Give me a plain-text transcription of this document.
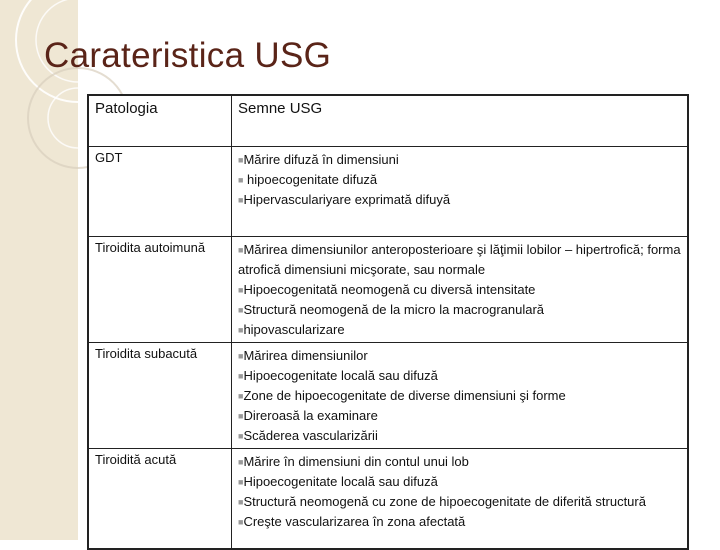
Carateristica USG
Patologia	Semne USG
GDT	■Mărire difuză în dimensiuni
■ hipoecogenitate difuză
■Hipervasculariyare exprimată difuyă

Tiroidita autoimună	■Mărirea dimensiunilor anteroposterioare şi lăţimii lobilor – hipertrofică; forma atrofică dimensiuni micşorate, sau normale
■Hipoecogenitată neomogenă cu diversă intensitate
■Structură neomogenă de la micro la macrogranulară
■hipovascularizare

Tiroidita subacută	■Mărirea dimensiunilor
■Hipoecogenitate locală sau difuză
■Zone de hipoecogenitate de diverse dimensiuni şi forme
■Direroasă la examinare
■Scăderea vascularizării

Tiroidită acută	■Mărire în dimensiuni din contul unui lob
■Hipoecogenitate locală sau difuză
■Structură neomogenă cu zone de hipoecogenitate de diferită structură
■Creşte vascularizarea în zona afectată
